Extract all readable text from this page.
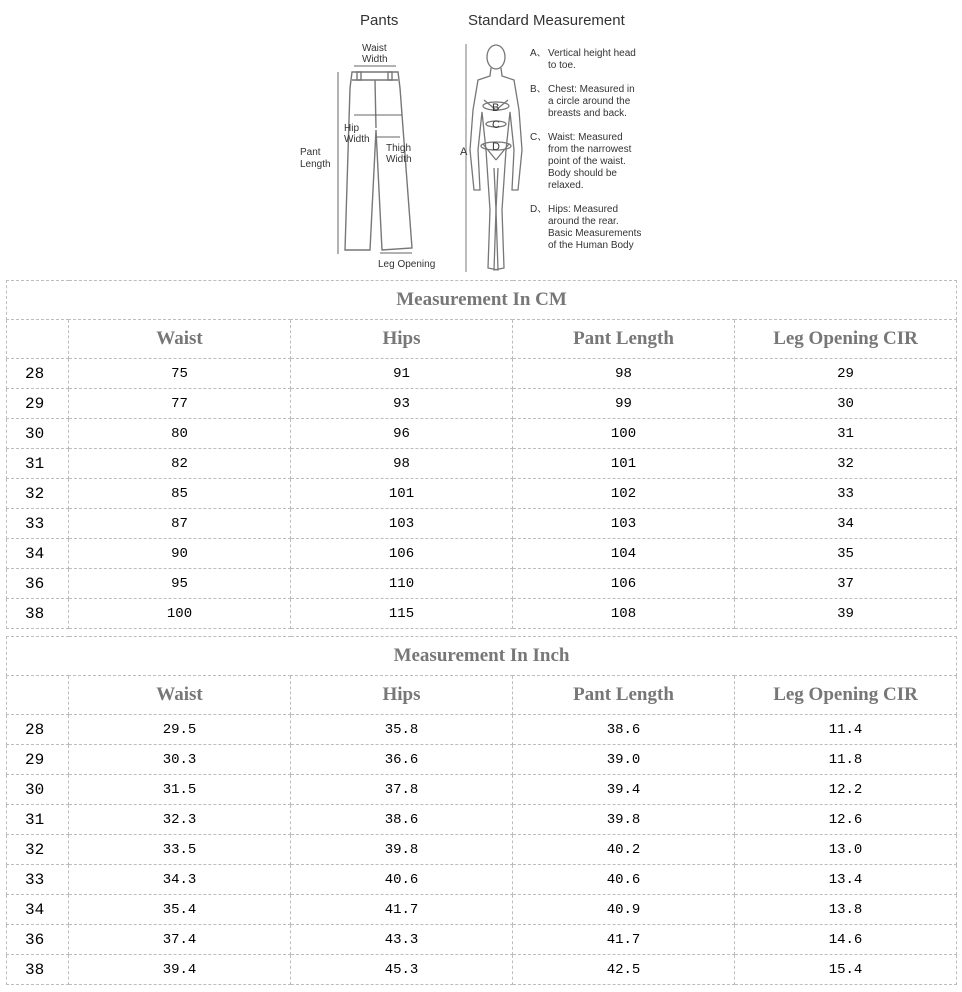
Pants	Standard Measurement
Waist
Width
Hip
Width
Thigh
Width
Pant
Length
Leg Opening
B
C
D
A
A、 Vertical height head
to toe.
B、 Chest: Measured in
a circle around the
breasts and back.
C、 Waist: Measured
from the narrowest
point of the waist.
Body should be
relaxed.
D、 Hips: Measured
around the rear.
Basic Measurements
of the Human Body
Measurement In CM				
	Waist	Hips	Pant Length	Leg Opening CIR
28	75	91	98	29
29	77	93	99	30
30	80	96	100	31
31	82	98	101	32
32	85	101	102	33
33	87	103	103	34
34	90	106	104	35
36	95	110	106	37
38	100	115	108	39
Measurement In Inch				
	Waist	Hips	Pant Length	Leg Opening CIR
28	29.5	35.8	38.6	11.4
29	30.3	36.6	39.0	11.8
30	31.5	37.8	39.4	12.2
31	32.3	38.6	39.8	12.6
32	33.5	39.8	40.2	13.0
33	34.3	40.6	40.6	13.4
34	35.4	41.7	40.9	13.8
36	37.4	43.3	41.7	14.6
38	39.4	45.3	42.5	15.4
